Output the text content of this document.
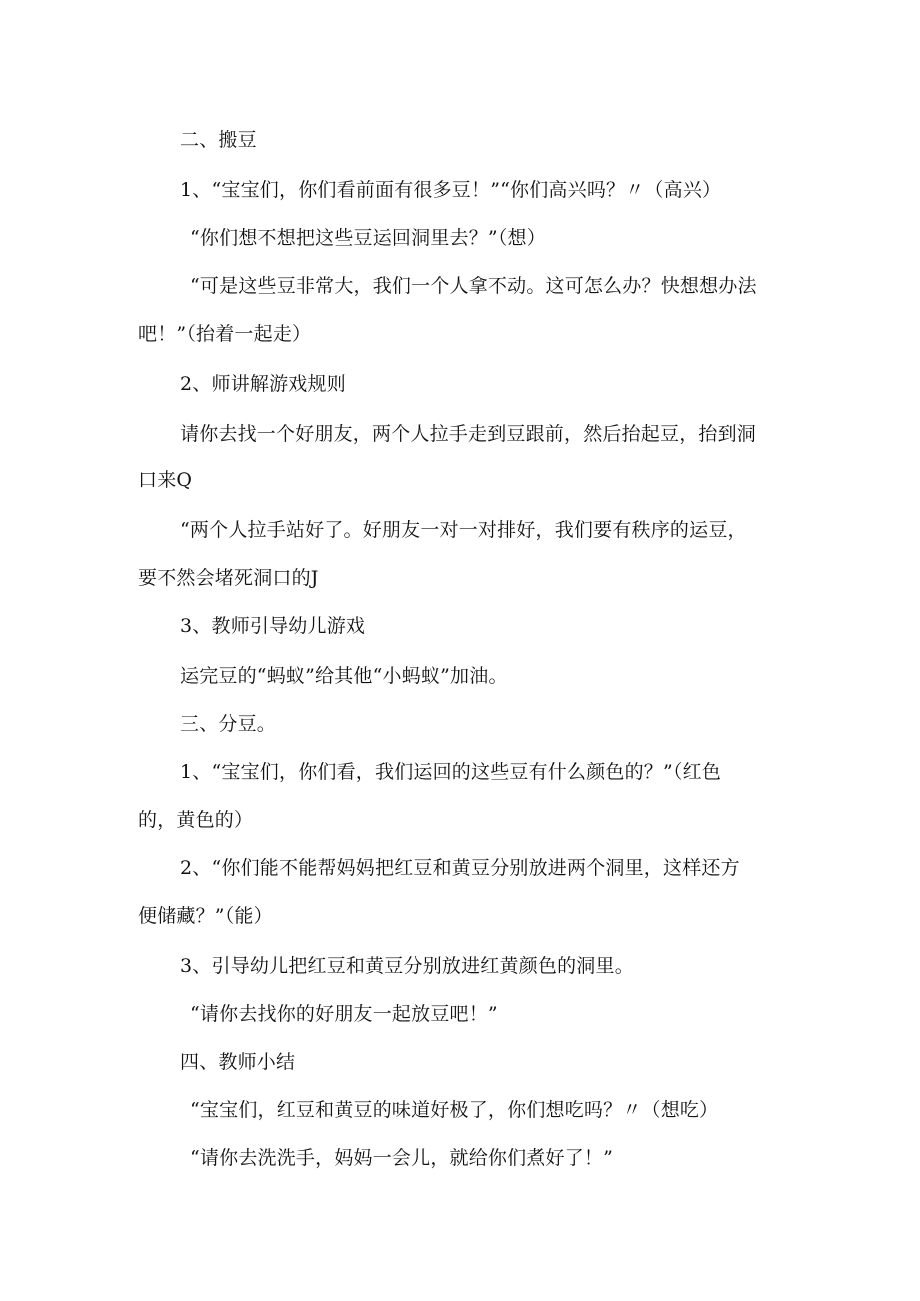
二、搬豆
1、“宝宝们，你们看前面有很多豆！”“你们高兴吗？〃（高兴）
“你们想不想把这些豆运回洞里去？”（想）
“可是这些豆非常大，我们一个人拿不动。这可怎么办？快想想办法
吧！”（抬着一起走）
2、师讲解游戏规则
请你去找一个好朋友，两个人拉手走到豆跟前，然后抬起豆，抬到洞
口来Q
“两个人拉手站好了。好朋友一对一对排好，我们要有秩序的运豆，
要不然会堵死洞口的J
3、教师引导幼儿游戏
运完豆的“蚂蚁”给其他“小蚂蚁”加油。
三、分豆。
1、“宝宝们，你们看，我们运回的这些豆有什么颜色的？”（红色
的，黄色的）
2、“你们能不能帮妈妈把红豆和黄豆分别放进两个洞里，这样还方
便储藏？”（能）
3、引导幼儿把红豆和黄豆分别放进红黄颜色的洞里。
“请你去找你的好朋友一起放豆吧！”
四、教师小结
“宝宝们，红豆和黄豆的味道好极了，你们想吃吗？〃（想吃）
“请你去洗洗手，妈妈一会儿，就给你们煮好了！”
